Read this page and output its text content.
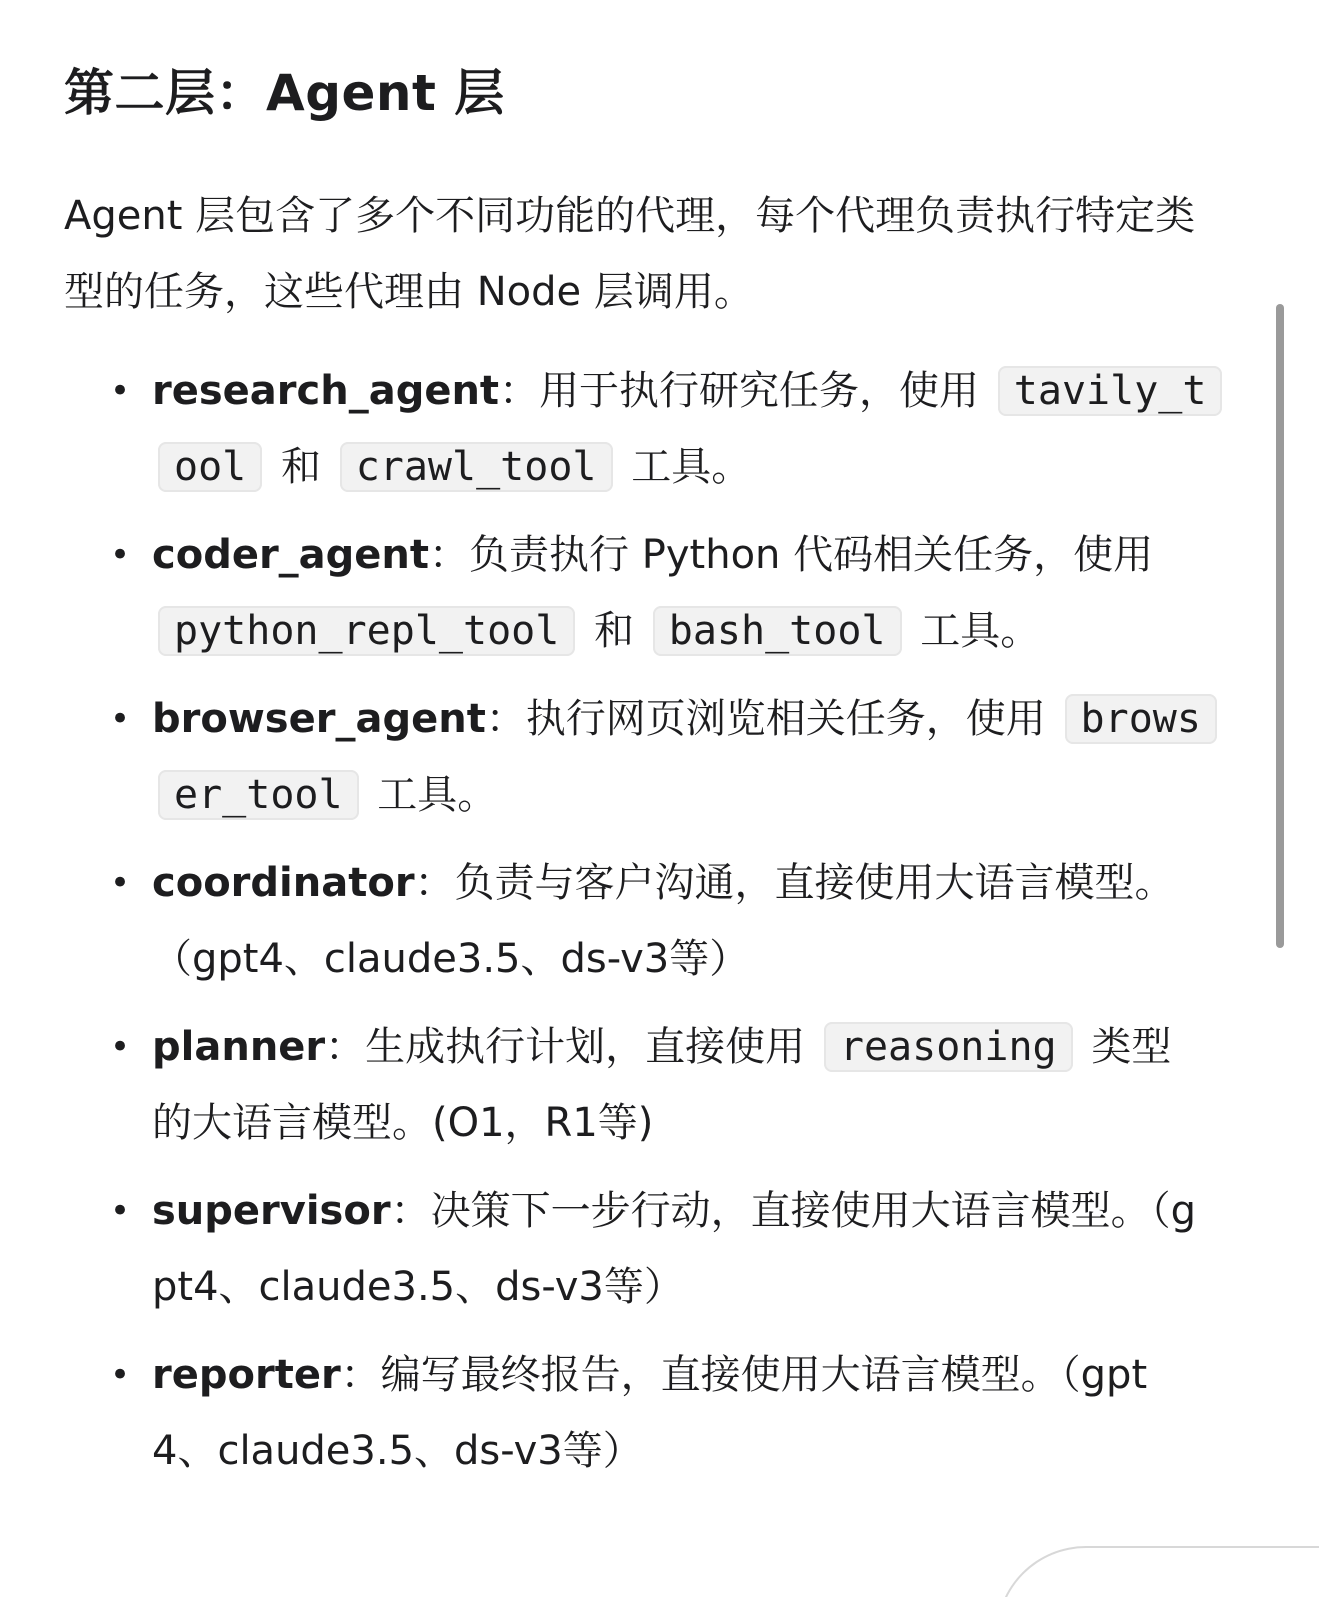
第二层：Agent 层

Agent 层包含了多个不同功能的代理，每个代理负责执行特定类型的任务，这些代理由 Node 层调用。

• research_agent：用于执行研究任务，使用 tavily_tool 和 crawl_tool 工具。
• coder_agent：负责执行 Python 代码相关任务，使用 python_repl_tool 和 bash_tool 工具。
• browser_agent：执行网页浏览相关任务，使用 browser_tool 工具。
• coordinator：负责与客户沟通，直接使用大语言模型。（gpt4、claude3.5、ds-v3等）
• planner：生成执行计划，直接使用 reasoning 类型的大语言模型。(O1，R1等)
• supervisor：决策下一步行动，直接使用大语言模型。（gpt4、claude3.5、ds-v3等）
• reporter：编写最终报告，直接使用大语言模型。（gpt4、claude3.5、ds-v3等）
